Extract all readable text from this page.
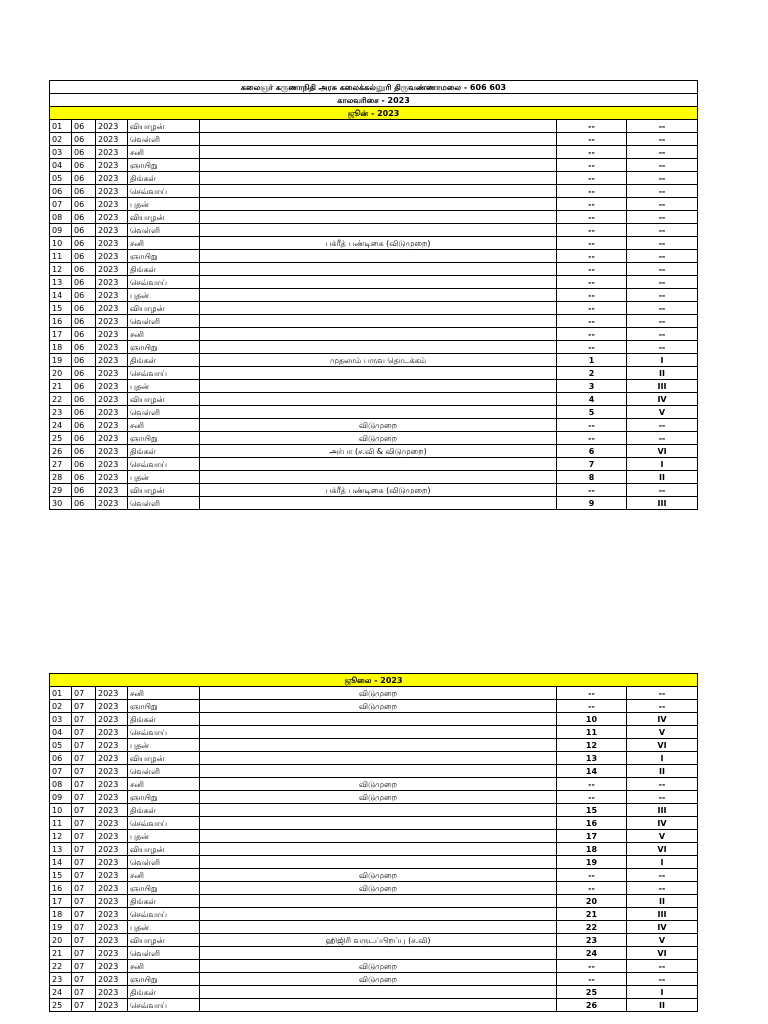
கலைஞர் கருணாநிதி அரசு கலைக்கல்லூரி திருவண்ணாமலை - 606 603						
காலவரிசை - 2023						
ஜூன் - 2023						
01	06	2023	வியாழன்		--	--
02	06	2023	வெள்ளி		--	--
03	06	2023	சனி		--	--
04	06	2023	ஞாயிறு		--	--
05	06	2023	திங்கள்		--	--
06	06	2023	செவ்வாய்		--	--
07	06	2023	புதன்		--	--
08	06	2023	வியாழன்		--	--
09	06	2023	வெள்ளி		--	--
10	06	2023	சனி	பக்ரீத் பண்டிகை (விடுமுறை)	--	--
11	06	2023	ஞாயிறு		--	--
12	06	2023	திங்கள்		--	--
13	06	2023	செவ்வாய்		--	--
14	06	2023	புதன்		--	--
15	06	2023	வியாழன்		--	--
16	06	2023	வெள்ளி		--	--
17	06	2023	சனி		--	--
18	06	2023	ஞாயிறு		--	--
19	06	2023	திங்கள்	முதலாம் பருவ தொடக்கம்	1	I
20	06	2023	செவ்வாய்		2	II
21	06	2023	புதன்		3	III
22	06	2023	வியாழன்		4	IV
23	06	2023	வெள்ளி		5	V
24	06	2023	சனி	விடுமுறை	--	--
25	06	2023	ஞாயிறு	விடுமுறை	--	--
26	06	2023	திங்கள்	அர்பா (ச.வி & விடுமுறை)	6	VI
27	06	2023	செவ்வாய்		7	I
28	06	2023	புதன்		8	II
29	06	2023	வியாழன்	பக்ரீத் பண்டிகை (விடுமுறை)	--	--
30	06	2023	வெள்ளி		9	III
ஜூலை - 2023						
01	07	2023	சனி	விடுமுறை	--	--
02	07	2023	ஞாயிறு	விடுமுறை	--	--
03	07	2023	திங்கள்		10	IV
04	07	2023	செவ்வாய்		11	V
05	07	2023	புதன்		12	VI
06	07	2023	வியாழன்		13	I
07	07	2023	வெள்ளி		14	II
08	07	2023	சனி	விடுமுறை	--	--
09	07	2023	ஞாயிறு	விடுமுறை	--	--
10	07	2023	திங்கள்		15	III
11	07	2023	செவ்வாய்		16	IV
12	07	2023	புதன்		17	V
13	07	2023	வியாழன்		18	VI
14	07	2023	வெள்ளி		19	I
15	07	2023	சனி	விடுமுறை	--	--
16	07	2023	ஞாயிறு	விடுமுறை	--	--
17	07	2023	திங்கள்		20	II
18	07	2023	செவ்வாய்		21	III
19	07	2023	புதன்		22	IV
20	07	2023	வியாழன்	ஹிஜிரி வருடப்பிறப்பு (ச.வி)	23	V
21	07	2023	வெள்ளி		24	VI
22	07	2023	சனி	விடுமுறை	--	--
23	07	2023	ஞாயிறு	விடுமுறை	--	--
24	07	2023	திங்கள்		25	I
25	07	2023	செவ்வாய்		26	II
